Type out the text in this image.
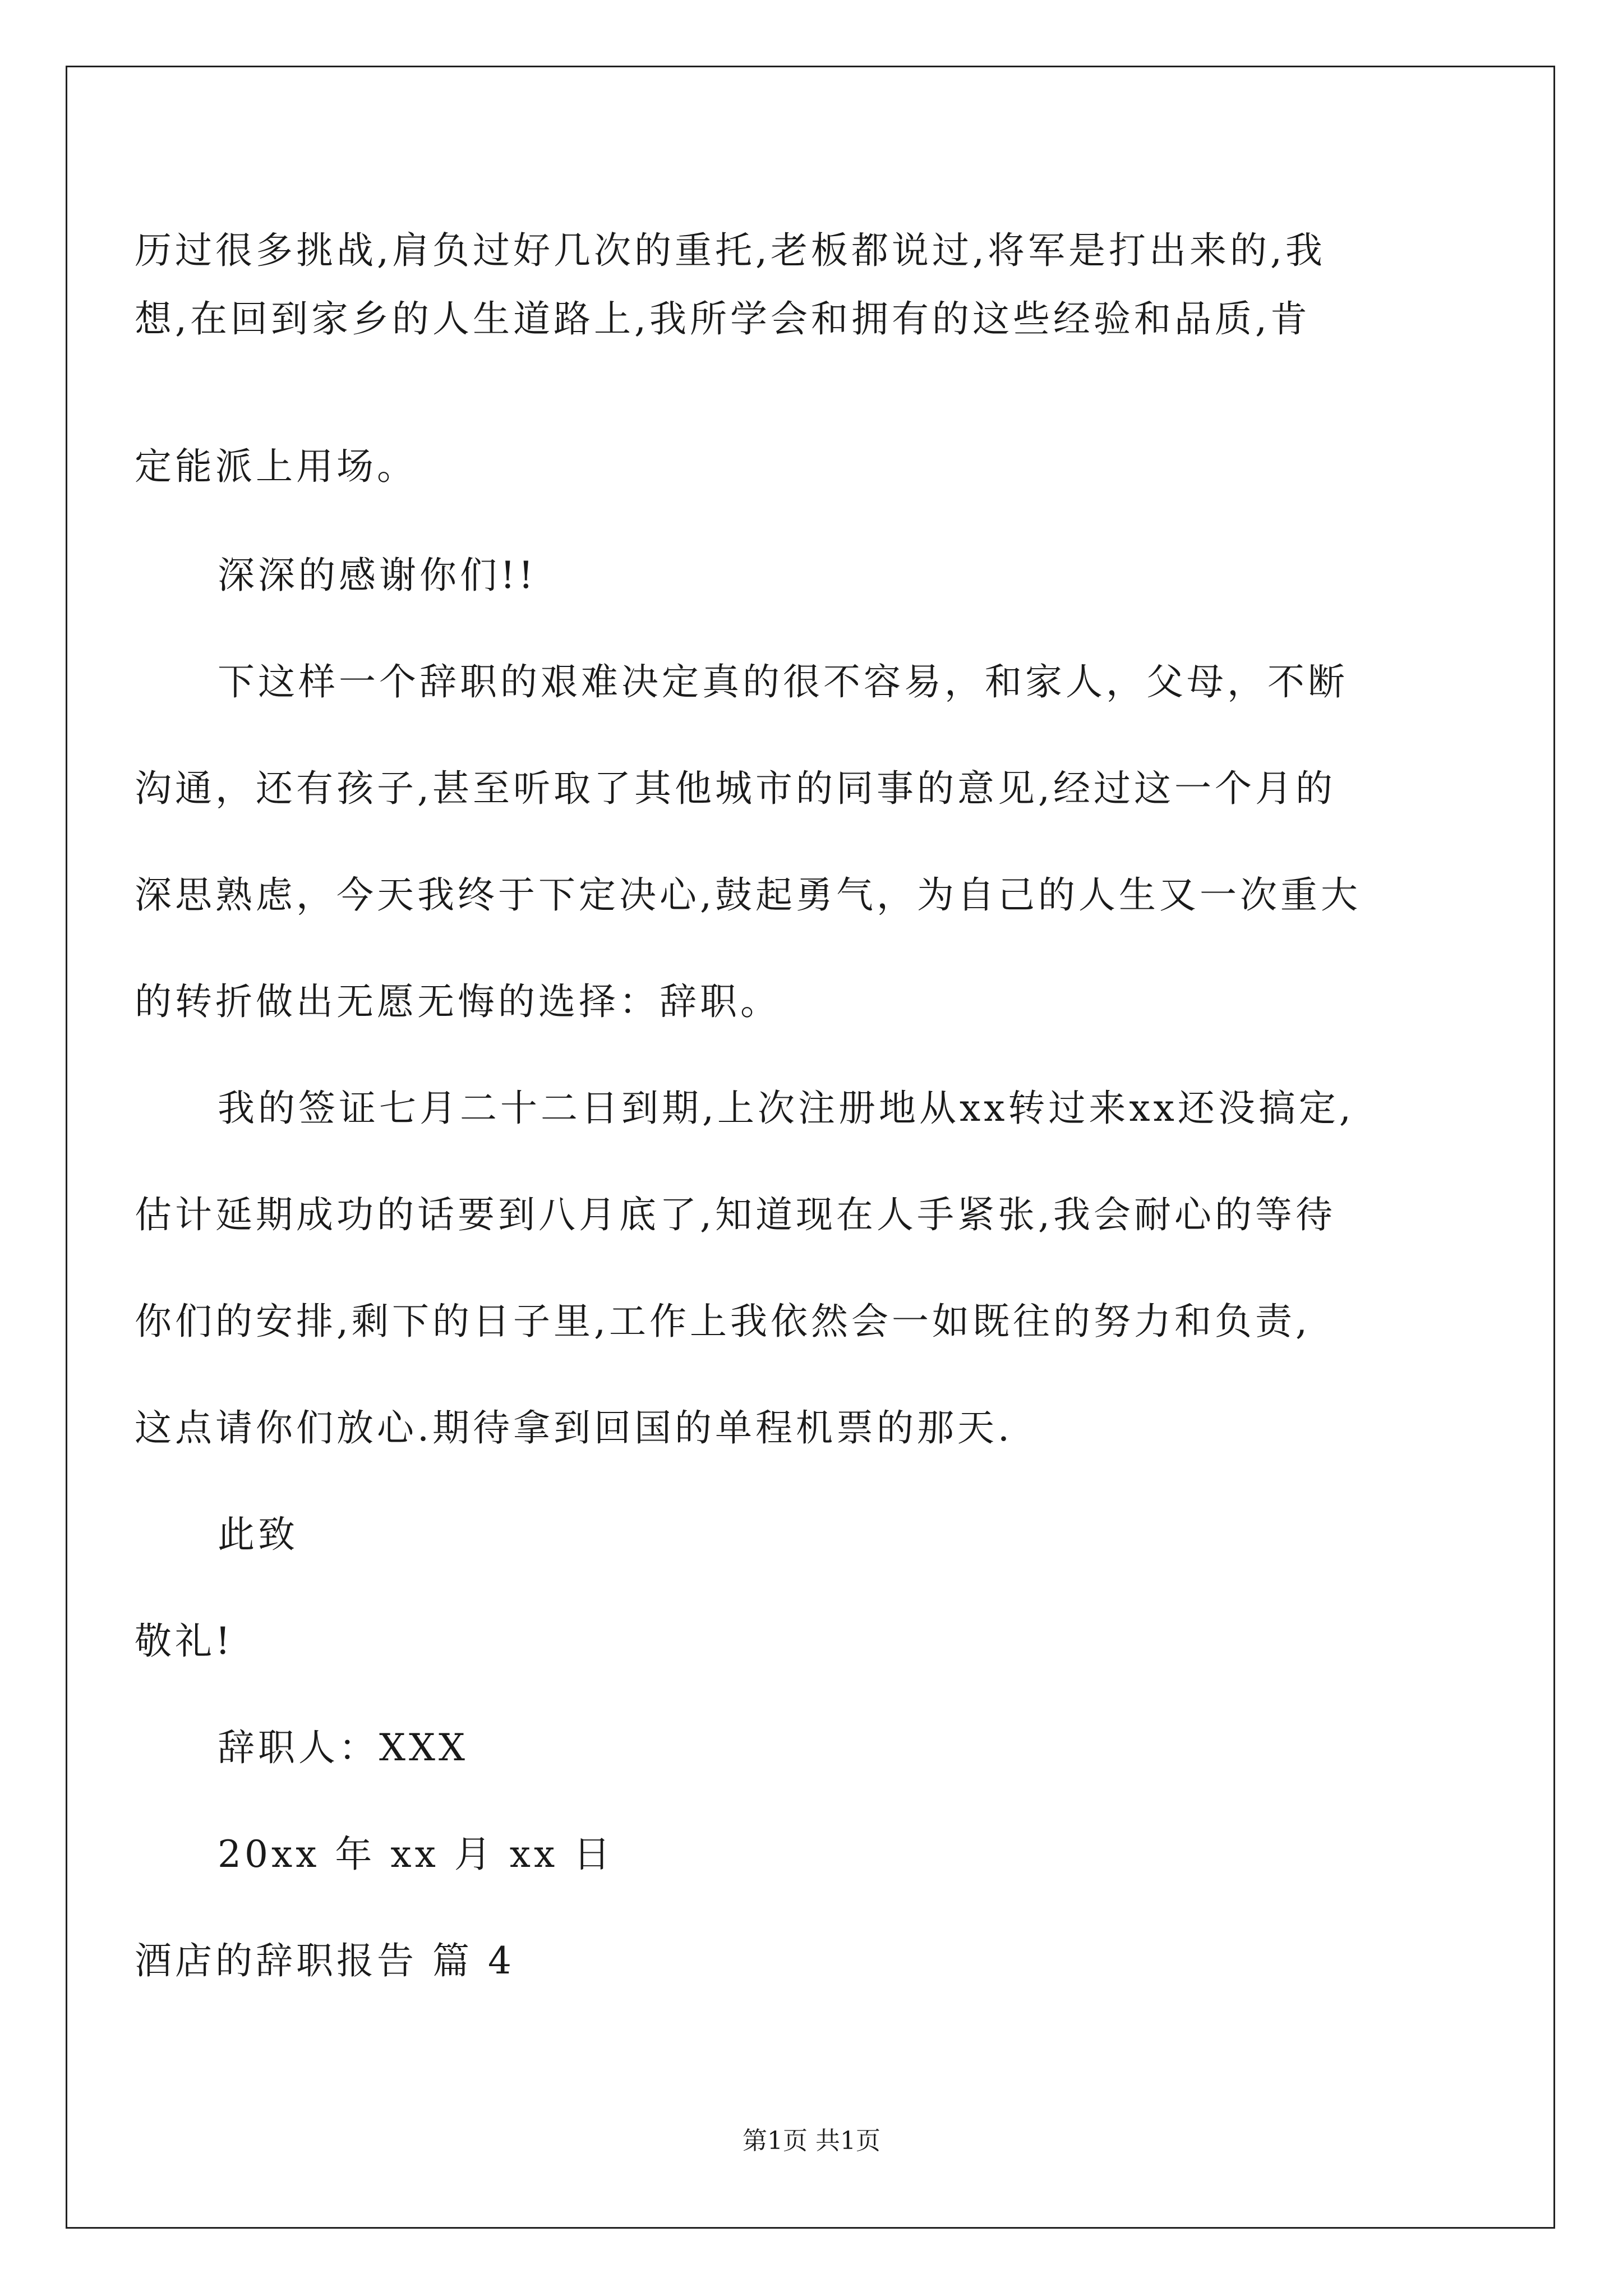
历过很多挑战,肩负过好几次的重托,老板都说过,将军是打出来的,我
想,在回到家乡的人生道路上,我所学会和拥有的这些经验和品质,肯
定能派上用场。
深深的感谢你们!!
下这样一个辞职的艰难决定真的很不容易，和家人，父母，不断
沟通，还有孩子,甚至听取了其他城市的同事的意见,经过这一个月的
深思熟虑，今天我终于下定决心,鼓起勇气，为自己的人生又一次重大
的转折做出无愿无悔的选择：辞职。
我的签证七月二十二日到期,上次注册地从xx转过来xx还没搞定,
估计延期成功的话要到八月底了,知道现在人手紧张,我会耐心的等待
你们的安排,剩下的日子里,工作上我依然会一如既往的努力和负责,
这点请你们放心.期待拿到回国的单程机票的那天.
此致
敬礼!
辞职人：XXX
20xx 年 xx 月 xx 日
酒店的辞职报告 篇 4
第1页 共1页
